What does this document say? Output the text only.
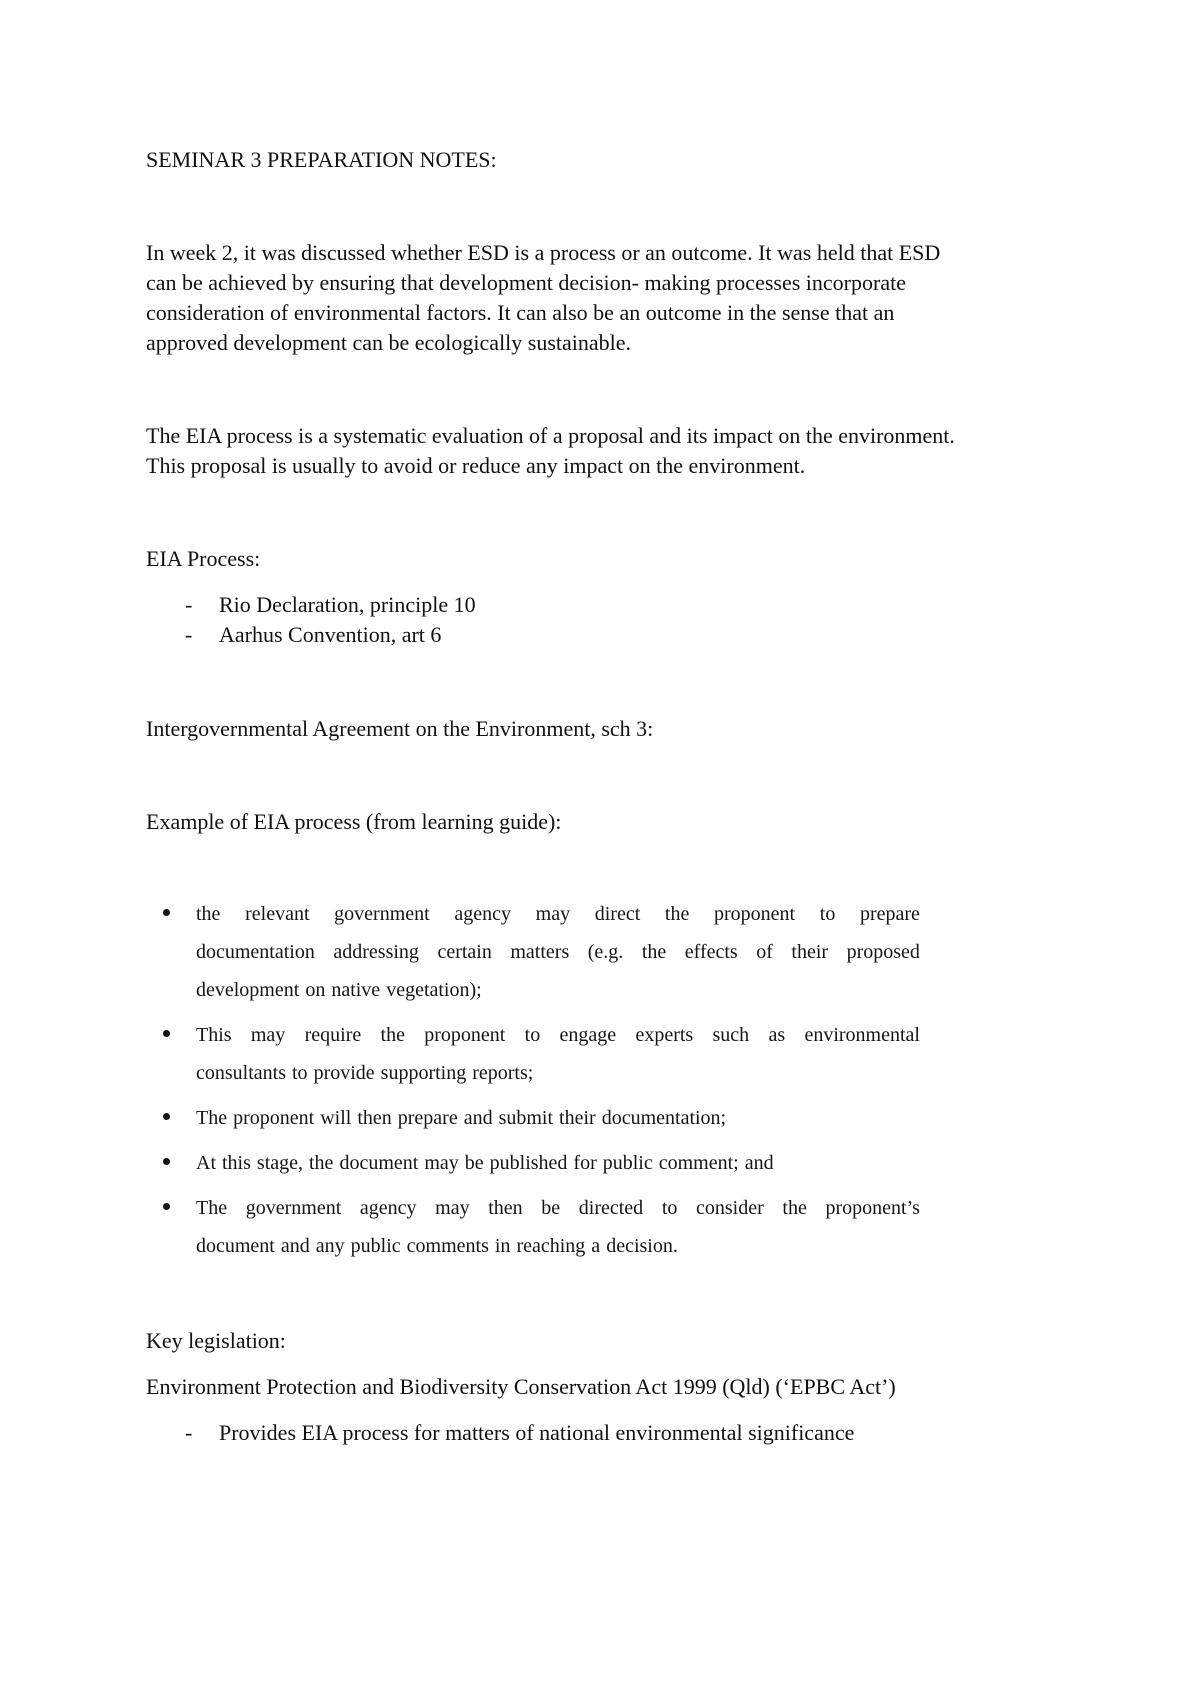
SEMINAR 3 PREPARATION NOTES:

In week 2, it was discussed whether ESD is a process or an outcome. It was held that ESD
can be achieved by ensuring that development decision- making processes incorporate
consideration of environmental factors. It can also be an outcome in the sense that an
approved development can be ecologically sustainable.

The EIA process is a systematic evaluation of a proposal and its impact on the environment.
This proposal is usually to avoid or reduce any impact on the environment.

EIA Process:

- Rio Declaration, principle 10
- Aarhus Convention, art 6

Intergovernmental Agreement on the Environment, sch 3:

Example of EIA process (from learning guide):

the relevant government agency may direct the proponent to prepare
documentation addressing certain matters (e.g. the effects of their proposed
development on native vegetation);
This may require the proponent to engage experts such as environmental
consultants to provide supporting reports;
The proponent will then prepare and submit their documentation;
At this stage, the document may be published for public comment; and
The government agency may then be directed to consider the proponent’s
document and any public comments in reaching a decision.

Key legislation:

Environment Protection and Biodiversity Conservation Act 1999 (Qld) (‘EPBC Act’)

- Provides EIA process for matters of national environmental significance
